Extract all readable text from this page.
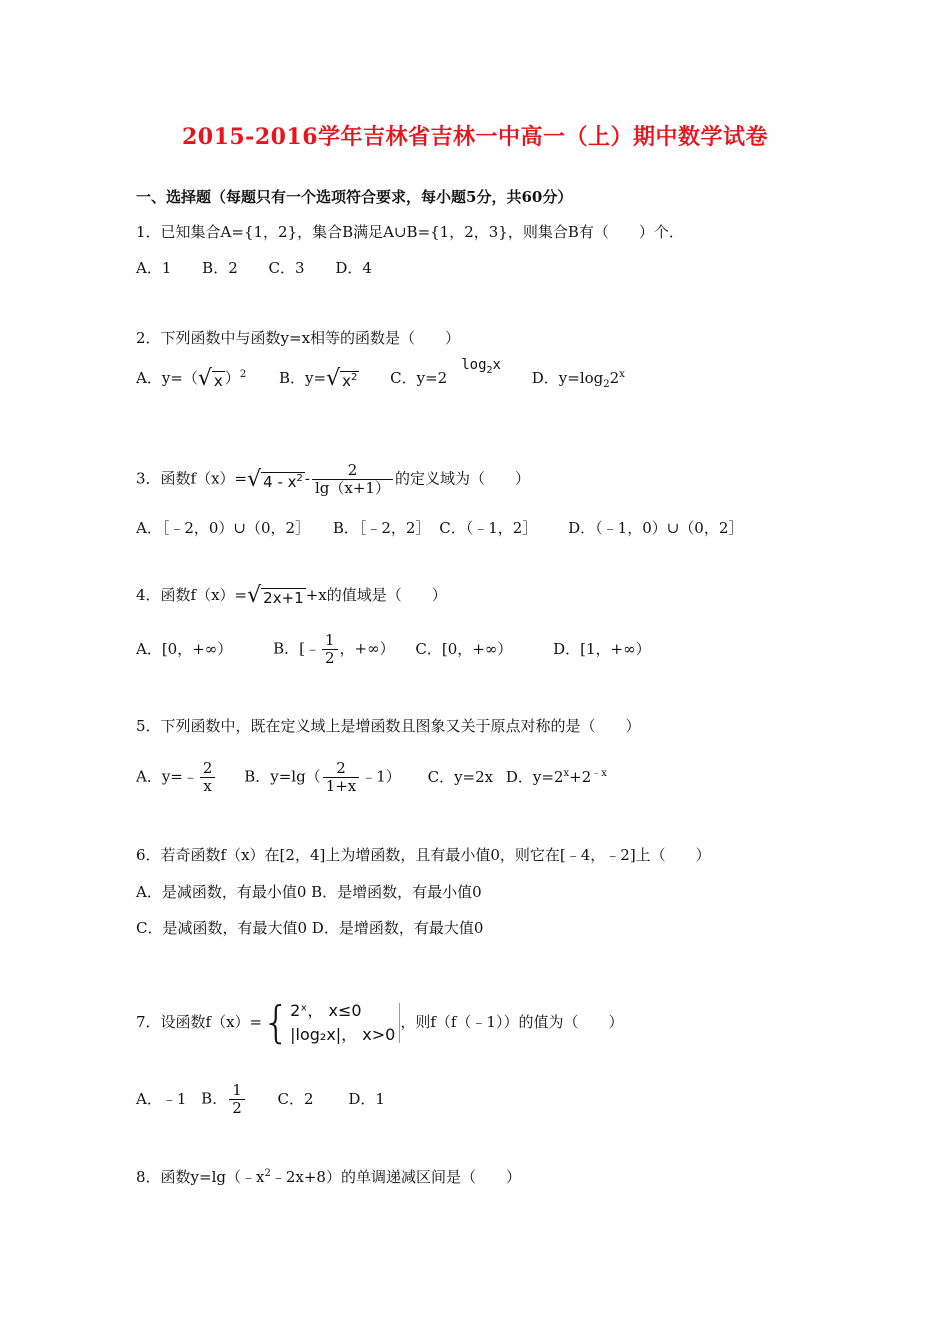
2015-2016学年吉林省吉林一中高一（上）期中数学试卷
一、选择题（每题只有一个选项符合要求，每小题5分，共60分）
1．已知集合A={1，2}，集合B满足A∪B={1，2，3}，则集合B有（　　）个．
A．1 B．2 C．3 D．4
2．下列函数中与函数y=x相等的函数是（　　）
A．y=（ √ x ）$^2$ B．y= √ $x^2$ C．$y=2\log_2x$ D．$y=\log_22^x$
3．函数f（x）= √ $4 - x^2 - \frac{2}{\lg(x+1)}$ 的定义域为（　　）
A．［﹣2，0）∪（0，2］ B．［﹣2，2］ C．（﹣1，2］ D．（﹣1，0）∪（0，2］
4．函数f（x）= √ 2x+1 +x的值域是（　　）
A．[0，+∞）	B．[﹣ $\frac{1}{2}$ ，+∞） C．[0，+∞）	D．[1，+∞）
5．下列函数中，既在定义域上是增函数且图象又关于原点对称的是（　　）
A．y=﹣ $\frac{2}{x}$ B．$y=\lg( \frac{2}{1+x}$ ﹣1） C．y=2x D．$y=2^x+2^{﹣x}$
6．若奇函数f（x）在[2，4]上为增函数，且有最小值0，则它在[﹣4，﹣2]上（　　）
A．是减函数，有最小值0 B．是增函数，有最小值0
C．是减函数，有最大值0 D．是增函数，有最大值0
7．设函数f（x）= { 2ˣ， x≤0
|log₂x|， x>0
，则f（f（﹣1））的值为（　　）
A．﹣1 B． $\frac{1}{2}$ C．2 D．1
8．函数$y=\lg(﹣x^2﹣2x+8)$的单调递减区间是（　　）
